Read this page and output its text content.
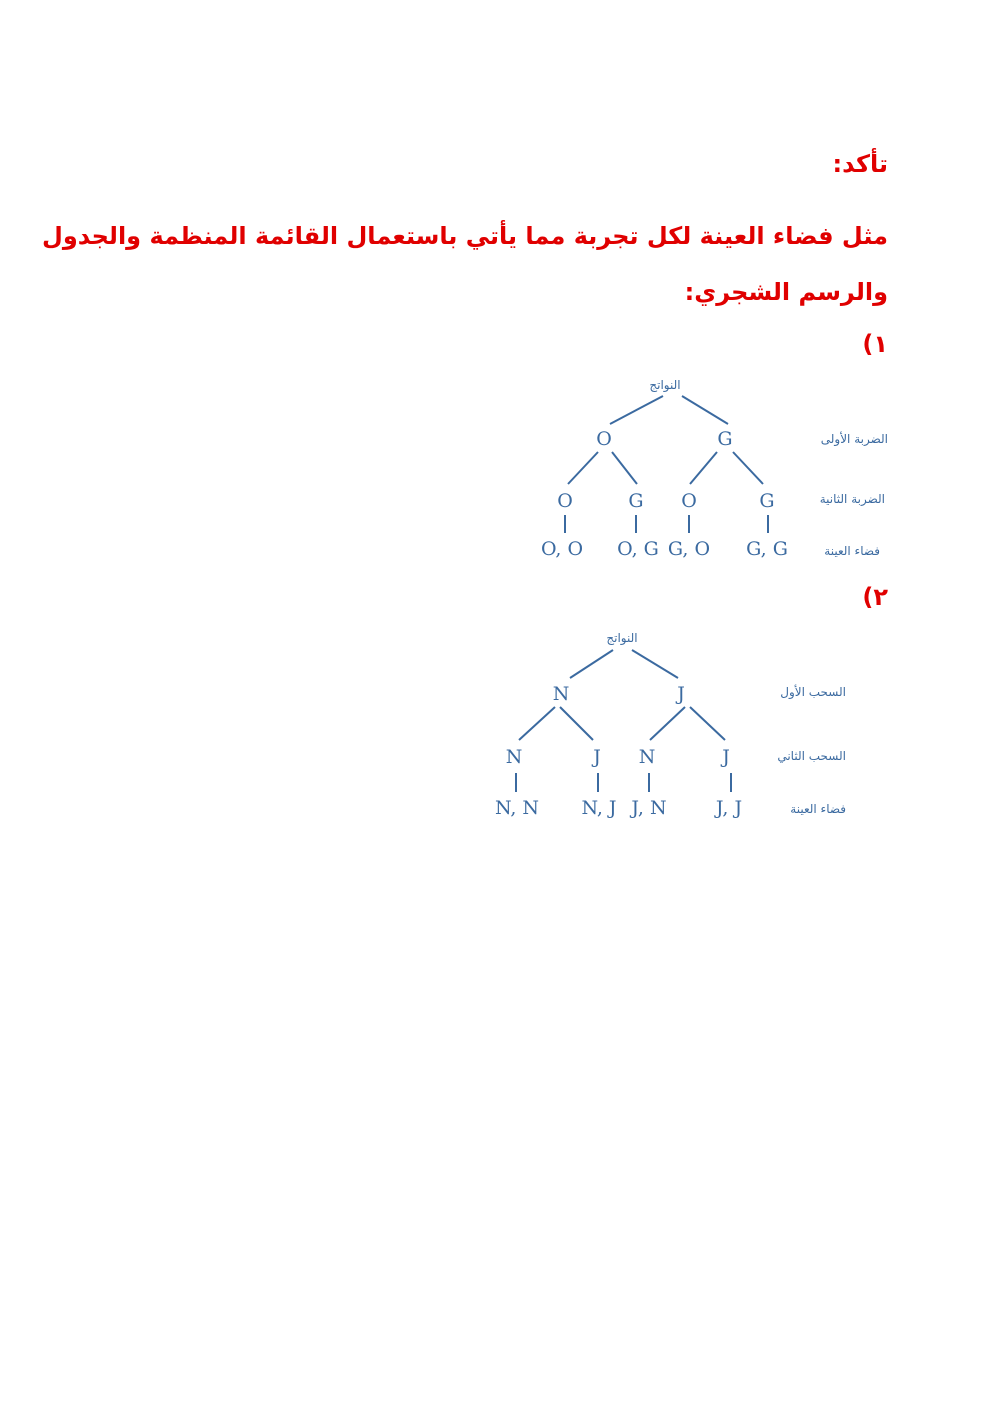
تأكد:
مثل فضاء العينة لكل تجربة مما يأتي باستعمال القائمة المنظمة والجدول
والرسم الشجري:
١)
٢)
النواتج
O	G
O	G O	G
O, O O, G G, O G, G
الضربة الأولى
الضربة الثانية
فضاء العينة
النواتج
N	J
N	J N	J
N, N N, J J, N	J, J
السحب الأول
السحب الثاني
فضاء العينة
